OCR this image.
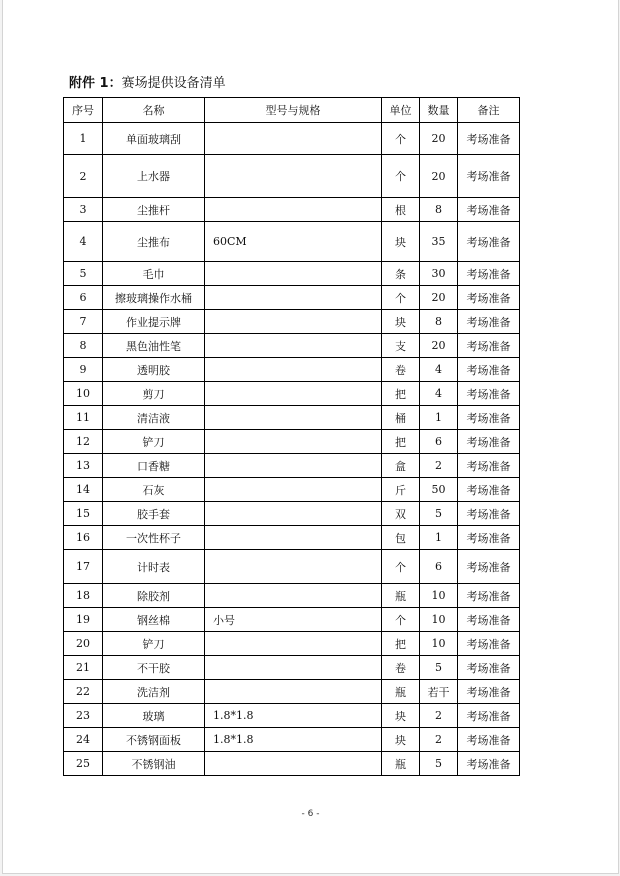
附件 1：赛场提供设备清单
序号	名称	型号与规格	单位	数量	备注
1	单面玻璃刮		个	20	考场准备
2	上水器		个	20	考场准备
3	尘推杆		根	8	考场准备
4	尘推布	60CM	块	35	考场准备
5	毛巾		条	30	考场准备
6	擦玻璃操作水桶		个	20	考场准备
7	作业提示牌		块	8	考场准备
8	黑色油性笔		支	20	考场准备
9	透明胶		卷	4	考场准备
10	剪刀		把	4	考场准备
11	清洁液		桶	1	考场准备
12	铲刀		把	6	考场准备
13	口香糖		盒	2	考场准备
14	石灰		斤	50	考场准备
15	胶手套		双	5	考场准备
16	一次性杯子		包	1	考场准备
17	计时表		个	6	考场准备
18	除胶剂		瓶	10	考场准备
19	钢丝棉	小号	个	10	考场准备
20	铲刀		把	10	考场准备
21	不干胶		卷	5	考场准备
22	洗洁剂		瓶	若干	考场准备
23	玻璃	1.8*1.8	块	2	考场准备
24	不锈钢面板	1.8*1.8	块	2	考场准备
25	不锈钢油		瓶	5	考场准备
- 6 -
